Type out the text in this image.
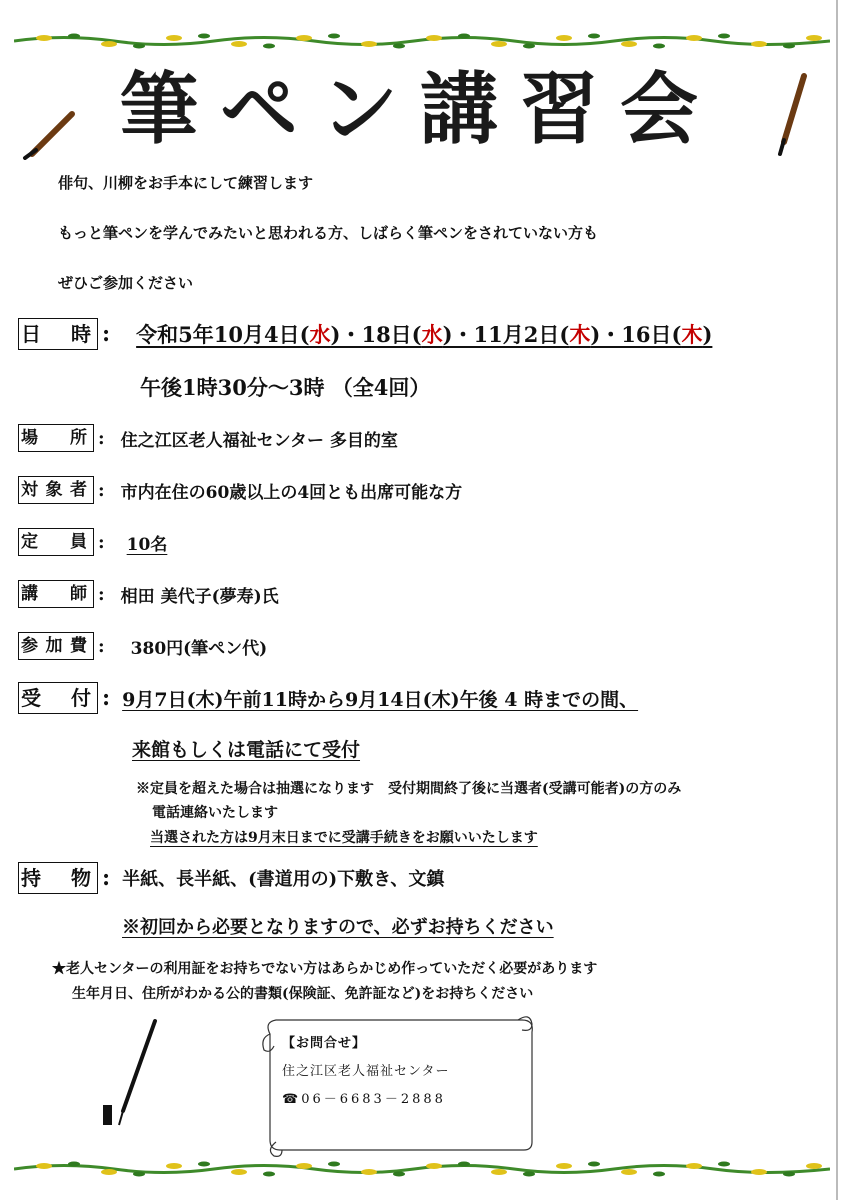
筆ペン講習会
俳句、川柳をお手本にして練習します
もっと筆ペンを学んでみたいと思われる方、しばらく筆ペンをされていない方も
ぜひご参加ください
日 時 : 令和5年10月4日(水)・18日(水)・11月2日(木)・16日(木)
午後1時30分～3時 （全4回）
場 所 : 住之江区老人福祉センター 多目的室
対象者 : 市内在住の60歳以上の4回とも出席可能な方
定 員 : 10名
講 師 : 相田 美代子(夢寿)氏
参加費 : 380円(筆ペン代)
受 付 : 9月7日(木)午前11時から9月14日(木)午後 4 時までの間、
来館もしくは電話にて受付
※定員を超えた場合は抽選になります　受付期間終了後に当選者(受講可能者)の方のみ
電話連絡いたします
当選された方は9月末日までに受講手続きをお願いいたします
持 物 : 半紙、長半紙、(書道用の)下敷き、文鎮
※初回から必要となりますので、必ずお持ちください
★老人センターの利用証をお持ちでない方はあらかじめ作っていただく必要があります
生年月日、住所がわかる公的書類(保険証、免許証など)をお持ちください
【お問合せ】
住之江区老人福祉センター
☎06－6683－2888
